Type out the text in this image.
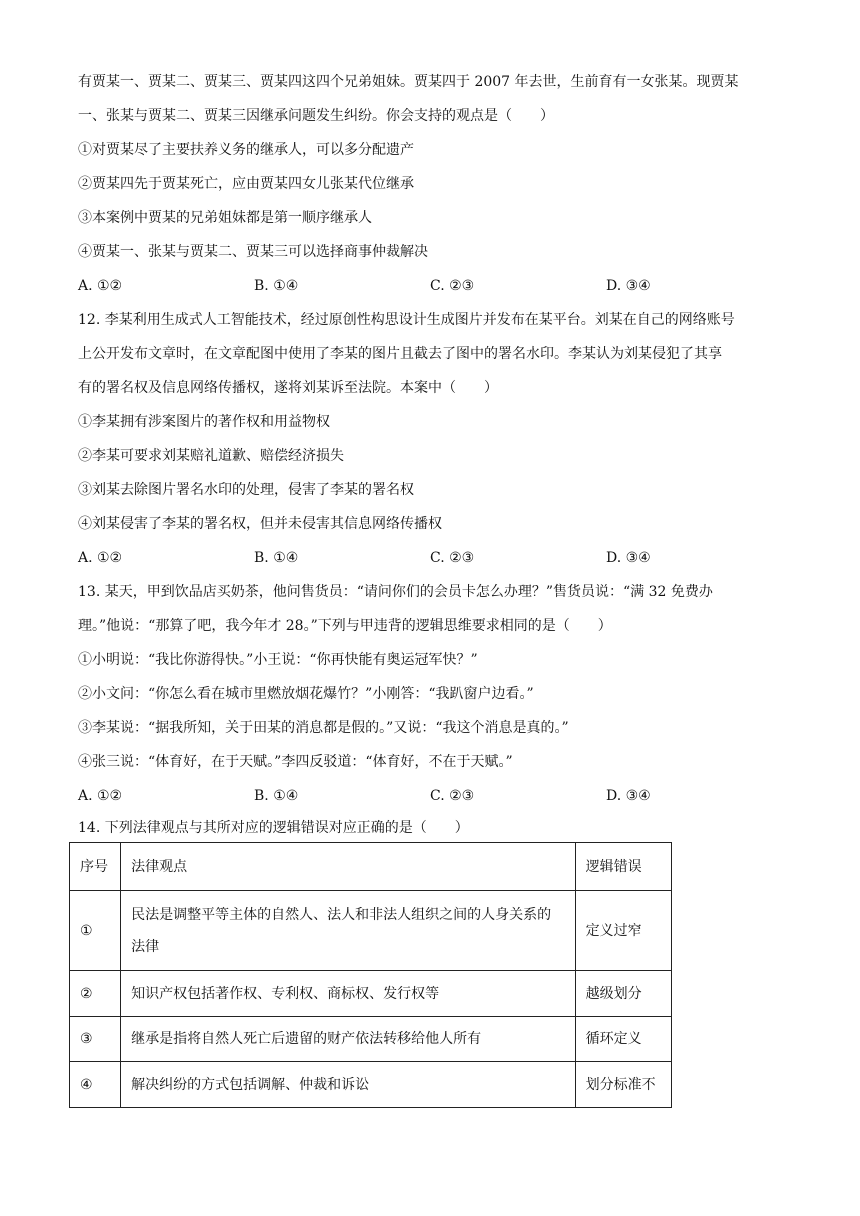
有贾某一、贾某二、贾某三、贾某四这四个兄弟姐妹。贾某四于 2007 年去世，生前育有一女张某。现贾某
一、张某与贾某二、贾某三因继承问题发生纠纷。你会支持的观点是（　　）
①对贾某尽了主要扶养义务的继承人，可以多分配遗产
②贾某四先于贾某死亡，应由贾某四女儿张某代位继承
③本案例中贾某的兄弟姐妹都是第一顺序继承人
④贾某一、张某与贾某二、贾某三可以选择商事仲裁解决
A. ①②	B. ①④	C. ②③	D. ③④
12. 李某利用生成式人工智能技术，经过原创性构思设计生成图片并发布在某平台。刘某在自己的网络账号
上公开发布文章时，在文章配图中使用了李某的图片且截去了图中的署名水印。李某认为刘某侵犯了其享
有的署名权及信息网络传播权，遂将刘某诉至法院。本案中（　　）
①李某拥有涉案图片的著作权和用益物权
②李某可要求刘某赔礼道歉、赔偿经济损失
③刘某去除图片署名水印的处理，侵害了李某的署名权
④刘某侵害了李某的署名权，但并未侵害其信息网络传播权
A. ①②	B. ①④	C. ②③	D. ③④
13. 某天，甲到饮品店买奶茶，他问售货员：“请问你们的会员卡怎么办理？”售货员说：“满 32 免费办
理。”他说：“那算了吧，我今年才 28。”下列与甲违背的逻辑思维要求相同的是（　　）
①小明说：“我比你游得快。”小王说：“你再快能有奥运冠军快？”
②小文问：“你怎么看在城市里燃放烟花爆竹？”小刚答：“我趴窗户边看。”
③李某说：“据我所知，关于田某的消息都是假的。”又说：“我这个消息是真的。”
④张三说：“体育好，在于天赋。”李四反驳道：“体育好，不在于天赋。”
A. ①②	B. ①④	C. ②③	D. ③④
14. 下列法律观点与其所对应的逻辑错误对应正确的是（　　）
序号	法律观点	逻辑错误
①	民法是调整平等主体的自然人、法人和非法人组织之间的人身关系的法律	定义过窄
②	知识产权包括著作权、专利权、商标权、发行权等	越级划分
③	继承是指将自然人死亡后遗留的财产依法转移给他人所有	循环定义
④	解决纠纷的方式包括调解、仲裁和诉讼	划分标准不
